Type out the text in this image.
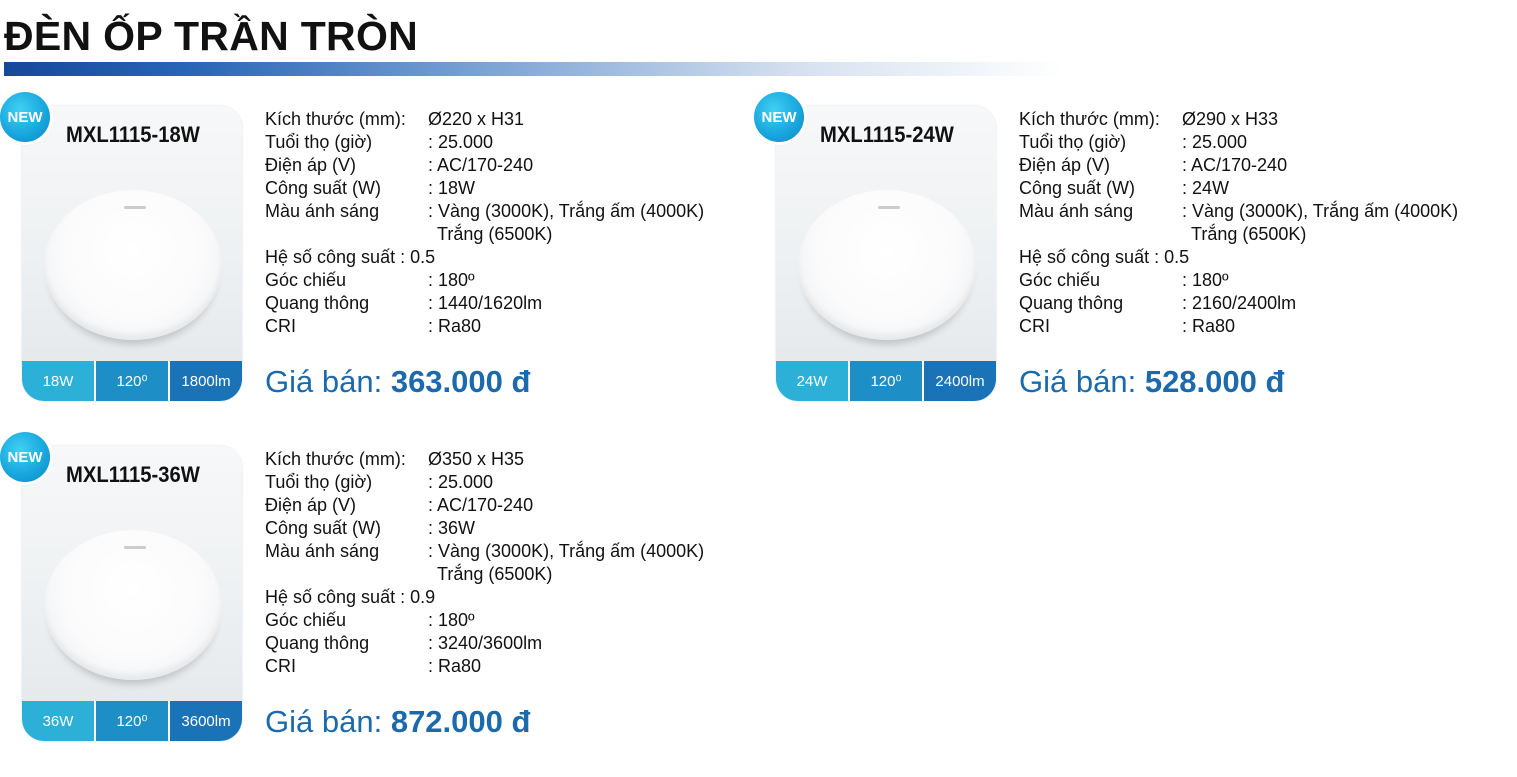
ĐÈN ỐP TRẦN TRÒN
MXL1115-18W
18W	120⁰	1800lm
NEW	Kích thước (mm):	Ø220 x H31
Tuổi thọ (giờ)	: 25.000
Điện áp (V)	: AC/170-240
Công suất (W)	: 18W
Màu ánh sáng	: Vàng (3000K), Trắng ấm (4000K)
Trắng (6500K)
Hệ số công suất :
0.5
Góc chiếu	: 180º
Quang thông	: 1440/1620lm
CRI	: Ra80
Giá bán: 363.000 đ
MXL1115-24W
24W	120⁰	2400lm
NEW	Kích thước (mm):	Ø290 x H33
Tuổi thọ (giờ)	: 25.000
Điện áp (V)	: AC/170-240
Công suất (W)	: 24W
Màu ánh sáng	: Vàng (3000K), Trắng ấm (4000K)
Trắng (6500K)
Hệ số công suất :
0.5
Góc chiếu	: 180º
Quang thông	: 2160/2400lm
CRI	: Ra80
Giá bán: 528.000 đ
MXL1115-36W
36W	120⁰	3600lm
NEW	Kích thước (mm):	Ø350 x H35
Tuổi thọ (giờ)	: 25.000
Điện áp (V)	: AC/170-240
Công suất (W)	: 36W
Màu ánh sáng	: Vàng (3000K), Trắng ấm (4000K)
Trắng (6500K)
Hệ số công suất :
0.9
Góc chiếu	: 180º
Quang thông	: 3240/3600lm
CRI	: Ra80
Giá bán: 872.000 đ
